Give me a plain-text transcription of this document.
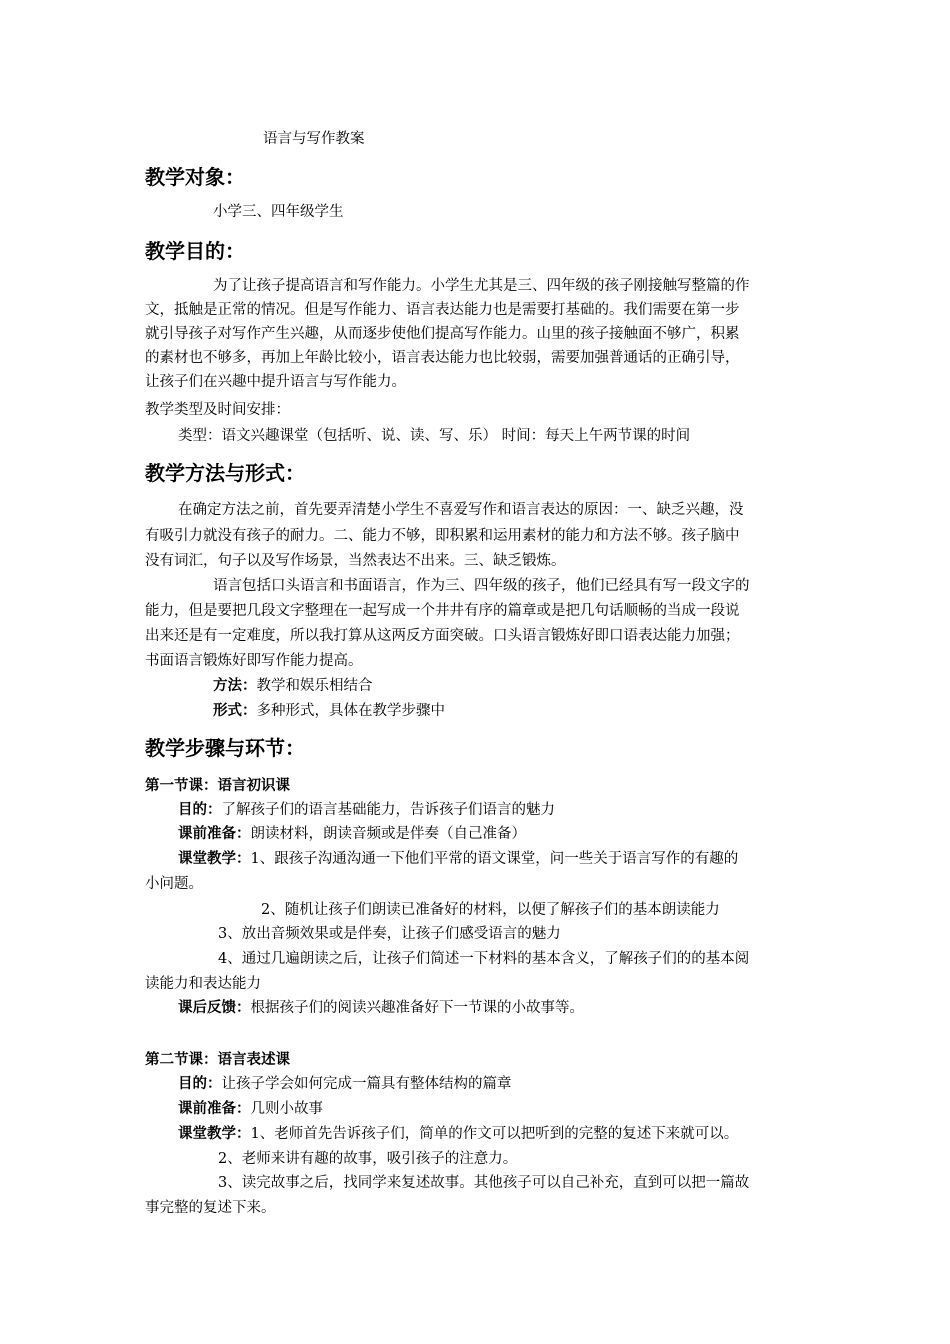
语言与写作教案
教学对象：
小学三、四年级学生
教学目的：
为了让孩子提高语言和写作能力。小学生尤其是三、四年级的孩子刚接触写整篇的作
文，抵触是正常的情况。但是写作能力、语言表达能力也是需要打基础的。我们需要在第一步
就引导孩子对写作产生兴趣，从而逐步使他们提高写作能力。山里的孩子接触面不够广，积累
的素材也不够多，再加上年龄比较小，语言表达能力也比较弱，需要加强普通话的正确引导，
让孩子们在兴趣中提升语言与写作能力。
教学类型及时间安排：
类型：语文兴趣课堂（包括听、说、读、写、乐） 时间：每天上午两节课的时间
教学方法与形式：
在确定方法之前，首先要弄清楚小学生不喜爱写作和语言表达的原因：一、缺乏兴趣，没
有吸引力就没有孩子的耐力。二、能力不够，即积累和运用素材的能力和方法不够。孩子脑中
没有词汇，句子以及写作场景，当然表达不出来。三、缺乏锻炼。
语言包括口头语言和书面语言，作为三、四年级的孩子，他们已经具有写一段文字的
能力，但是要把几段文字整理在一起写成一个井井有序的篇章或是把几句话顺畅的当成一段说
出来还是有一定难度，所以我打算从这两反方面突破。口头语言锻炼好即口语表达能力加强；
书面语言锻炼好即写作能力提高。
方法：教学和娱乐相结合
形式：多种形式，具体在教学步骤中
教学步骤与环节：
第一节课：语言初识课
目的：了解孩子们的语言基础能力，告诉孩子们语言的魅力
课前准备：朗读材料，朗读音频或是伴奏（自己准备）
课堂教学：1、跟孩子沟通沟通一下他们平常的语文课堂，问一些关于语言写作的有趣的
小问题。
2、随机让孩子们朗读已准备好的材料，以便了解孩子们的基本朗读能力
3、放出音频效果或是伴奏，让孩子们感受语言的魅力
4、通过几遍朗读之后，让孩子们简述一下材料的基本含义，了解孩子们的的基本阅
读能力和表达能力
课后反馈：根据孩子们的阅读兴趣准备好下一节课的小故事等。
第二节课：语言表述课
目的：让孩子学会如何完成一篇具有整体结构的篇章
课前准备：几则小故事
课堂教学：1、老师首先告诉孩子们，简单的作文可以把听到的完整的复述下来就可以。
2、老师来讲有趣的故事，吸引孩子的注意力。
3、读完故事之后，找同学来复述故事。其他孩子可以自己补充，直到可以把一篇故
事完整的复述下来。
